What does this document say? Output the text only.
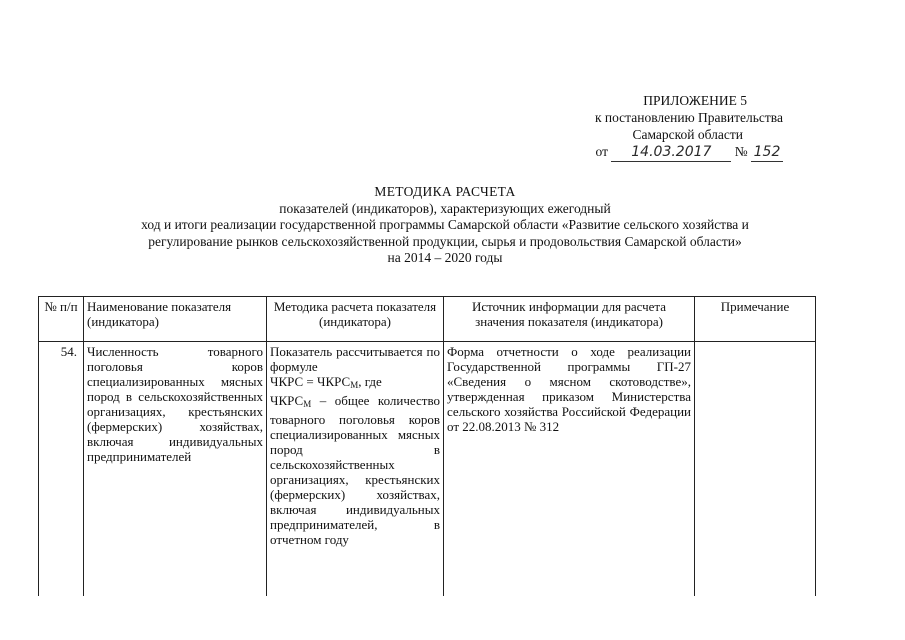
ПРИЛОЖЕНИЕ 5
к постановлению Правительства
Самарской области
от 14.03.2017 № 152
МЕТОДИКА РАСЧЕТА
показателей (индикаторов), характеризующих ежегодный
ход и итоги реализации государственной программы Самарской области «Развитие сельского хозяйства и
регулирование рынков сельскохозяйственной продукции, сырья и продовольствия Самарской области»
на 2014 – 2020 годы
№ п/п	Наименование показателя (индикатора)	Методика расчета показателя (индикатора)	Источник информации для расчета значения показателя (индикатора)	Примечание
54.	Численность товарного поголовья коров специализированных мясных пород в сельскохозяйственных организациях, крестьянских (фермерских) хозяйствах, включая индивидуальных предпринимателей	Показатель рассчитывается по формуле
ЧКРС = $ЧКРС_М$, где
$ЧКРС_М$ – общее количество товарного поголовья коров специализированных мясных пород в сельскохозяйственных организациях, крестьянских (фермерских) хозяйствах, включая индивидуальных предпринимателей, в отчетном году	Форма отчетности о ходе реализации Государственной программы ГП-27 «Сведения о мясном скотоводстве», утвержденная приказом Министерства сельского хозяйства Российской Федерации от 22.08.2013 № 312	
